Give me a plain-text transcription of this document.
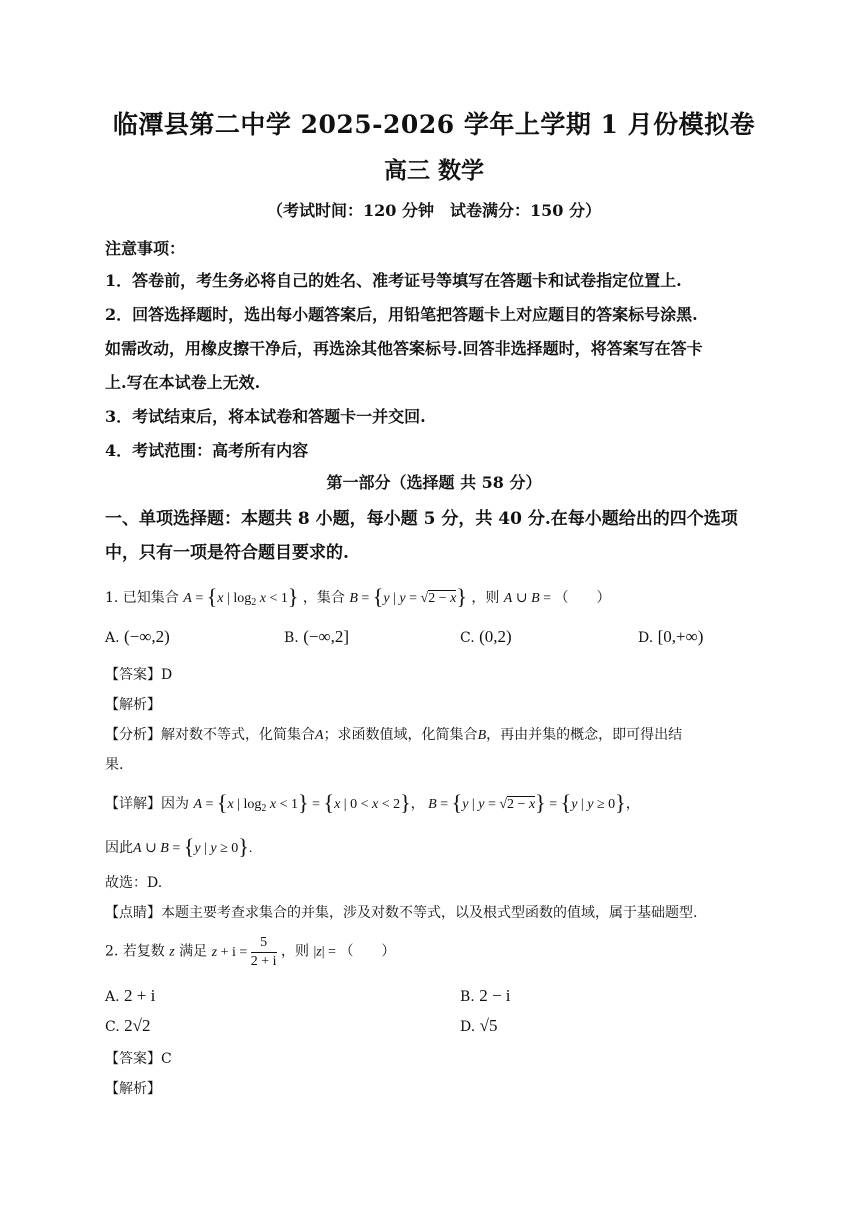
临潭县第二中学 2025-2026 学年上学期 1 月份模拟卷
高三 数学
（考试时间：120 分钟　试卷满分：150 分）
注意事项：
1．答卷前，考生务必将自己的姓名、准考证号等填写在答题卡和试卷指定位置上.
2．回答选择题时，选出每小题答案后，用铅笔把答题卡上对应题目的答案标号涂黑.
如需改动，用橡皮擦干净后，再选涂其他答案标号.回答非选择题时，将答案写在答卡
上.写在本试卷上无效.
3．考试结束后，将本试卷和答题卡一并交回.
4．考试范围：高考所有内容
第一部分（选择题 共 58 分）
一、单项选择题：本题共 8 小题，每小题 5 分，共 40 分.在每小题给出的四个选项
中，只有一项是符合题目要求的.
1. 已知集合 A = {x | $\log_2 x < 1$} ，集合 B = {y | y = √2 − x} ，则 A ∪ B = （　　）
A. (−∞,2)	B. (−∞,2]	C. (0,2)	D. [0,+∞)
【答案】D
【解析】
【分析】解对数不等式，化简集合A；求函数值域，化简集合B，再由并集的概念，即可得出结
果.
【详解】因为 A = {x | $\log_2 x < 1\} = \{x$ | 0 < x < 2}， B = {y | y = √2 − x} = {y | y ≥ 0}，
因此A ∪ B = {y | y ≥ 0}.
故选：D.
【点睛】本题主要考查求集合的并集，涉及对数不等式，以及根式型函数的值域，属于基础题型.
2. 若复数 z 满足 $z + i = \frac{5}{2 + i}$ ，则 |z| = （　　）
A. 2 + i	B. 2 − i
C. 2√2	D. √5
【答案】C
【解析】
